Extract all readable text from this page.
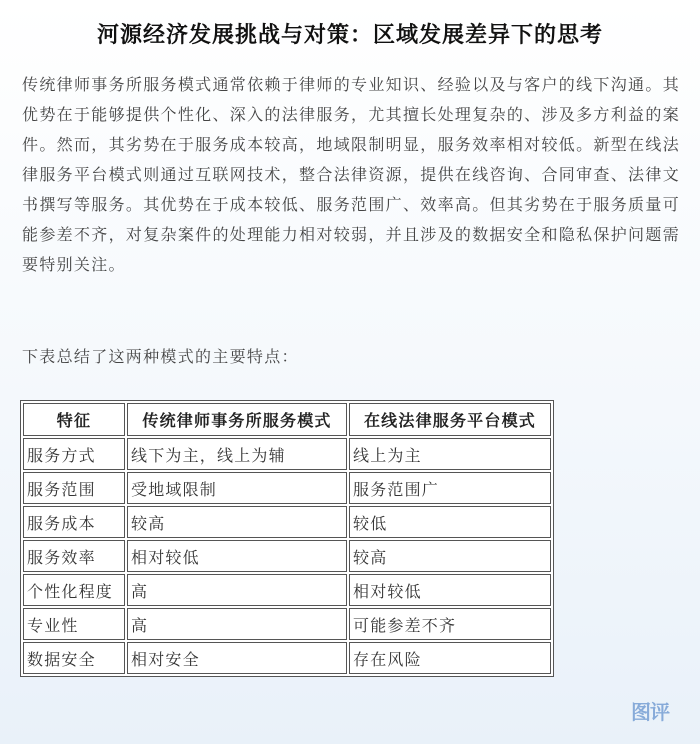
河源经济发展挑战与对策：区域发展差异下的思考

传统律师事务所服务模式通常依赖于律师的专业知识、经验以及与客户的线下沟通。其优势在于能够提供个性化、深入的法律服务，尤其擅长处理复杂的、涉及多方利益的案件。然而，其劣势在于服务成本较高，地域限制明显，服务效率相对较低。新型在线法律服务平台模式则通过互联网技术，整合法律资源，提供在线咨询、合同审查、法律文书撰写等服务。其优势在于成本较低、服务范围广、效率高。但其劣势在于服务质量可能参差不齐，对复杂案件的处理能力相对较弱，并且涉及的数据安全和隐私保护问题需要特别关注。

下表总结了这两种模式的主要特点：

特征	传统律师事务所服务模式	在线法律服务平台模式
服务方式	线下为主，线上为辅	线上为主
服务范围	受地域限制	服务范围广
服务成本	较高	较低
服务效率	相对较低	较高
个性化程度	高	相对较低
专业性	高	可能参差不齐
数据安全	相对安全	存在风险
图评
